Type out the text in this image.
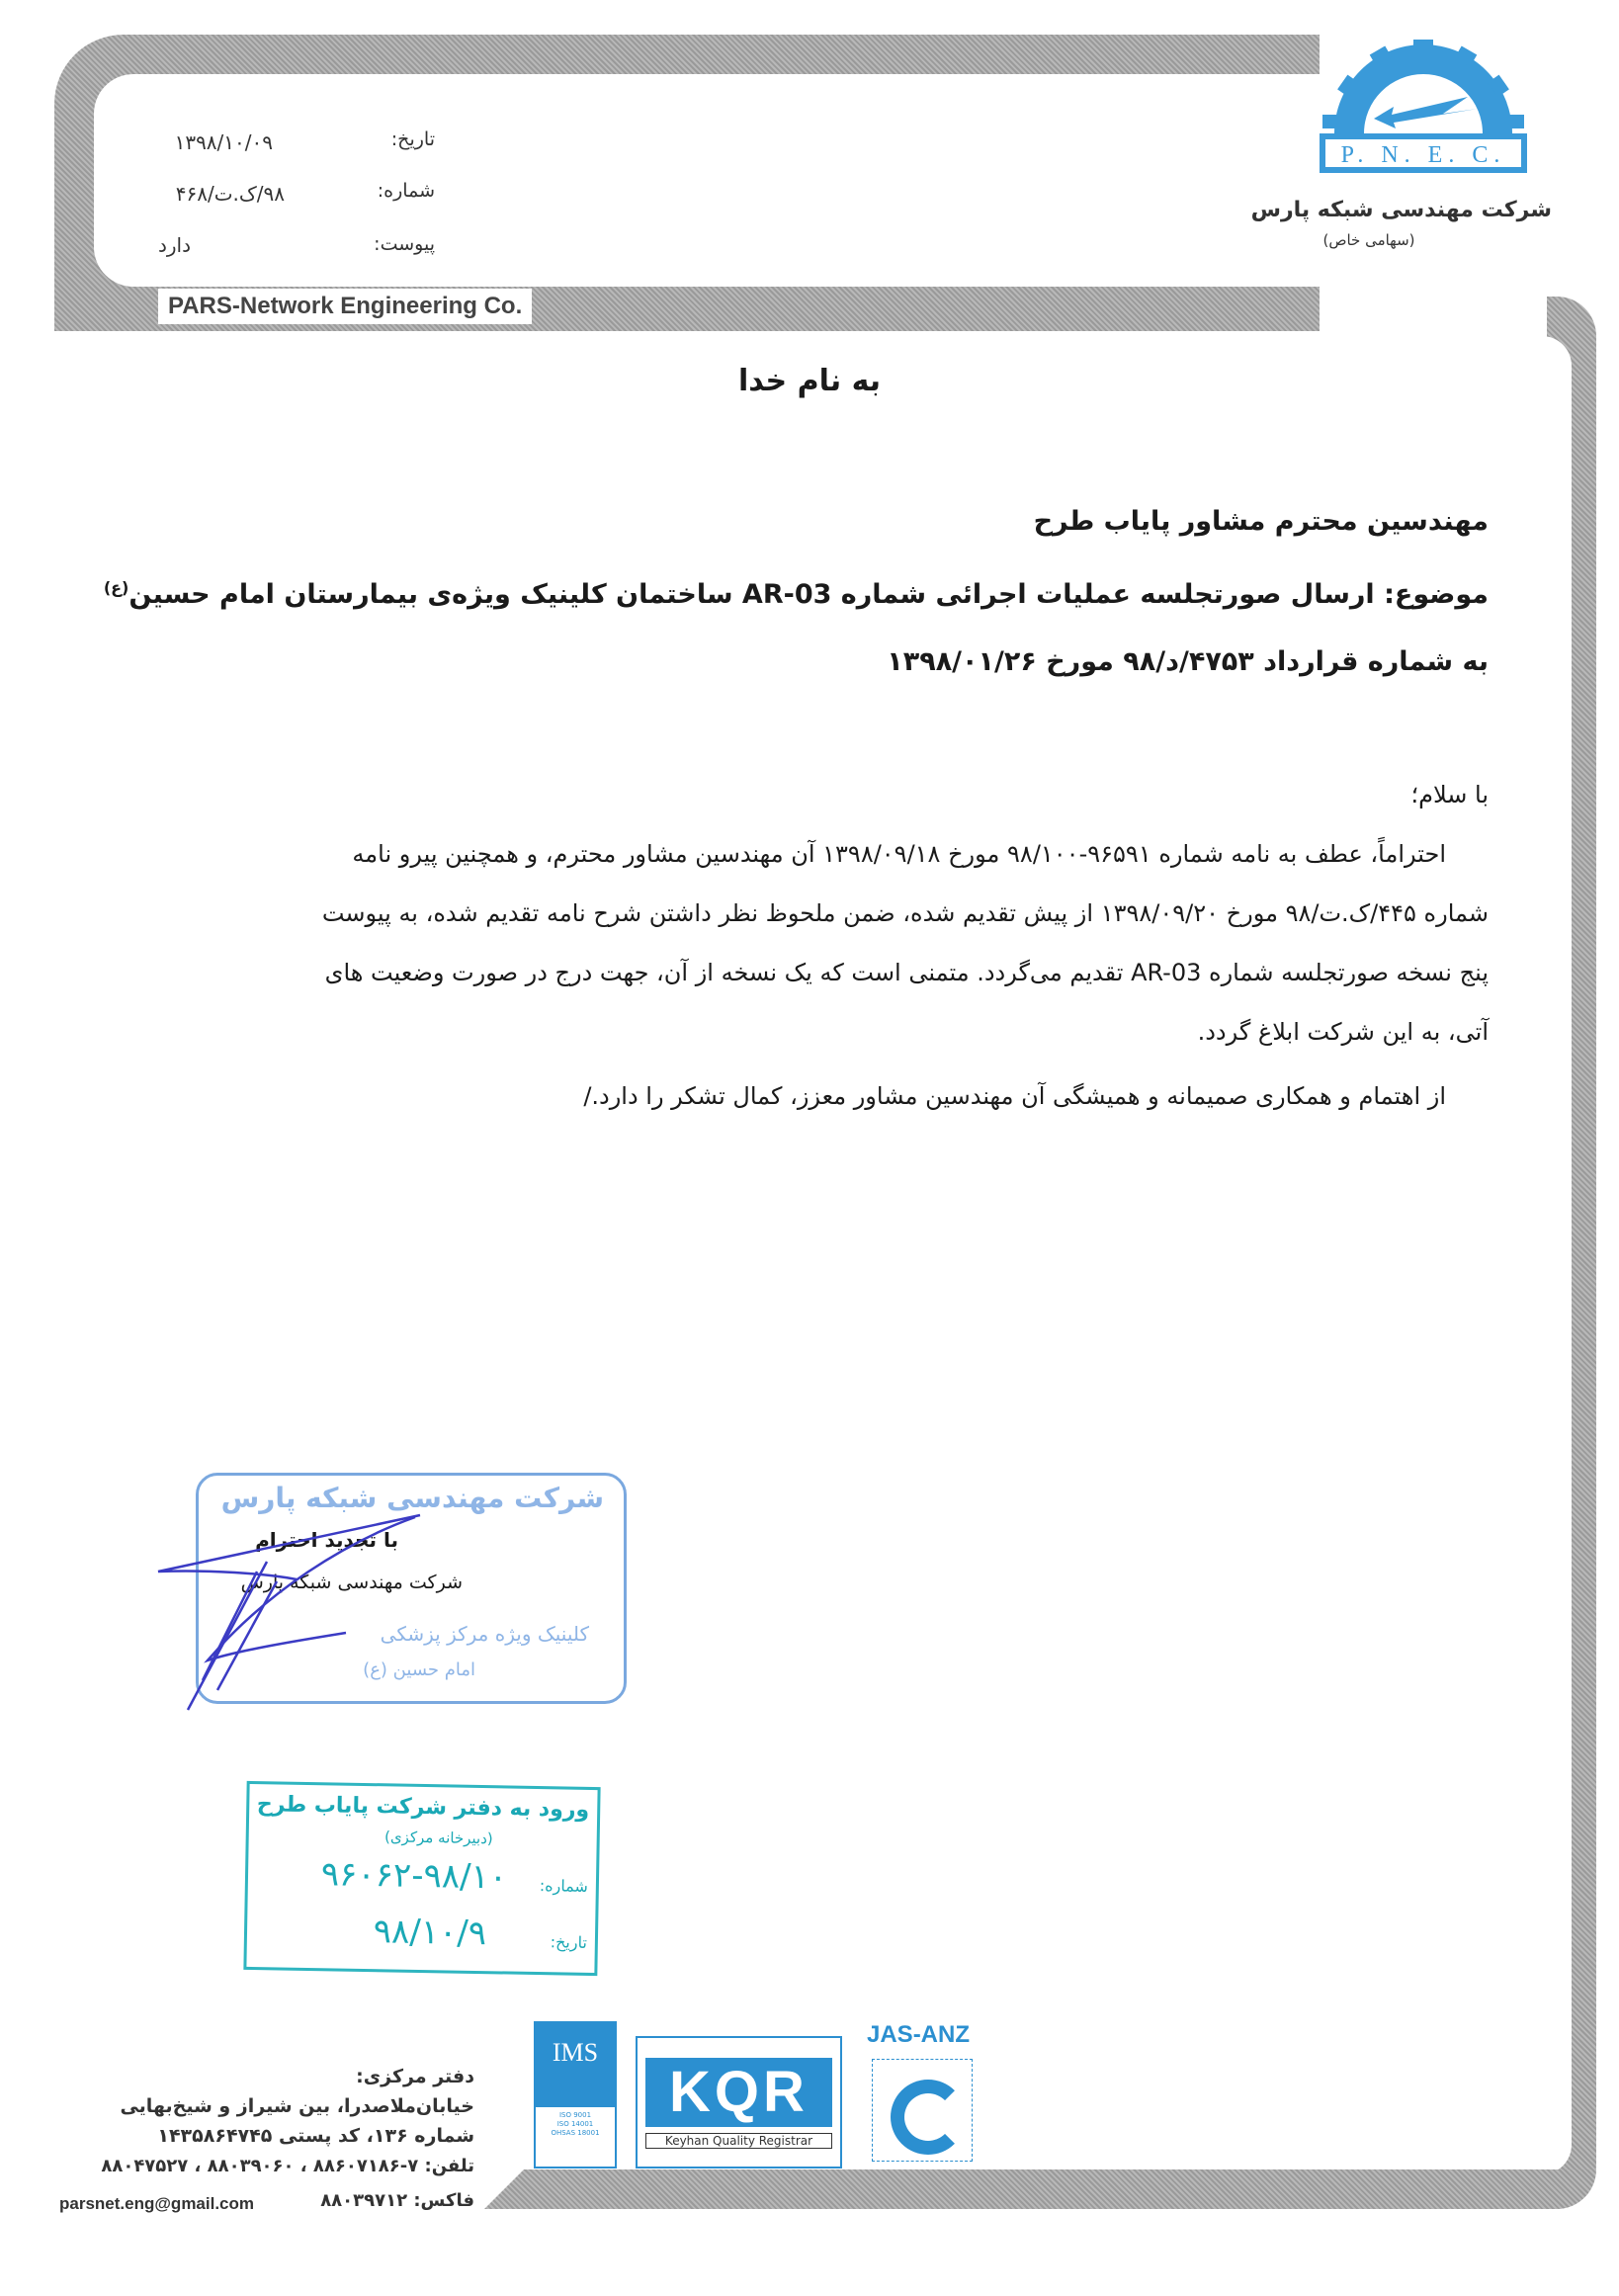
PARS-Network Engineering Co.
تاریخ:
۱۳۹۸/۱۰/۰۹
شماره:
۹۸/ک.ت/۴۶۸
پیوست:
دارد
P. N. E. C.
شرکت مهندسی شبکه پارس
(سهامی خاص)
به نام خدا
مهندسین محترم مشاور پایاب طرح
موضوع: ارسال صورتجلسه عملیات اجرائی شماره AR-03 ساختمان کلینیک ویژه‌ی بیمارستان امام حسین$^{(ع)}$
به شماره قرارداد ۴۷۵۳/د/۹۸ مورخ ۱۳۹۸/۰۱/۲۶
با سلام؛
احتراماً، عطف به نامه شماره ۹۶۵۹۱-۹۸/۱۰۰ مورخ ۱۳۹۸/۰۹/۱۸ آن مهندسین مشاور محترم، و همچنین پیرو نامه
شماره ۴۴۵/ک.ت/۹۸ مورخ ۱۳۹۸/۰۹/۲۰ از پیش تقدیم شده، ضمن ملحوظ نظر داشتن شرح نامه تقدیم شده، به پیوست
پنج نسخه صورتجلسه شماره AR-03 تقدیم می‌گردد. متمنی است که یک نسخه از آن، جهت درج در صورت وضعیت های
آتی، به این شرکت ابلاغ گردد.
از اهتمام و همکاری صمیمانه و همیشگی آن مهندسین مشاور معزز، کمال تشکر را دارد./
شرکت مهندسی شبکه پارس
کلینیک ویژه مرکز پزشکی
امام حسین (ع)
با تجدید احترام
شرکت مهندسی شبکه پارس
ورود به دفتر شرکت پایاب طرح
(دبیرخانه مرکزی)
شماره:
۹۶۰۶۲-۹۸/۱۰
تاریخ:
۹۸/۱۰/۹
IMS
ISO 9001
ISO 14001
OHSAS 18001
KQR
Keyhan Quality Registrar
JAS-ANZ
دفتر مرکزی:
خیابان‌ملاصدرا، بین شیراز و شیخ‌بهایی
شماره ۱۳۶، کد پستی ۱۴۳۵۸۶۴۷۴۵
تلفن: ۷-۸۸۶۰۷۱۸۶ ، ۸۸۰۳۹۰۶۰ ، ۸۸۰۴۷۵۲۷
فاکس: ۸۸۰۳۹۷۱۲
parsnet.eng@gmail.com
